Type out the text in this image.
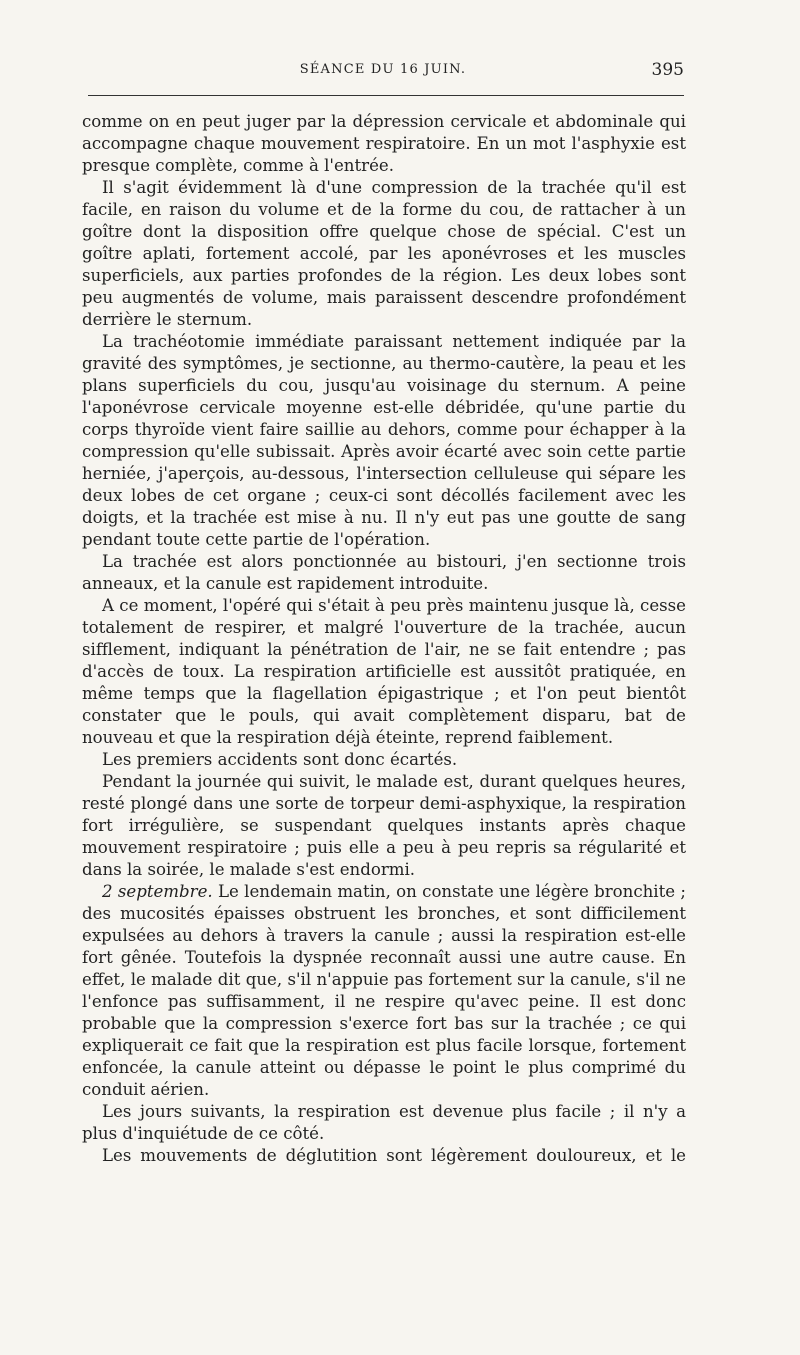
SÉANCE DU 16 JUIN.	395

comme on en peut juger par la dépression cervicale et abdominale qui accompagne chaque mouvement respiratoire. En un mot l'asphyxie est presque complète, comme à l'entrée.

Il s'agit évidemment là d'une compression de la trachée qu'il est facile, en raison du volume et de la forme du cou, de rattacher à un goître dont la disposition offre quelque chose de spécial. C'est un goître aplati, fortement accolé, par les aponévroses et les muscles superficiels, aux parties profondes de la région. Les deux lobes sont peu augmentés de volume, mais paraissent descendre profondément derrière le sternum.

La trachéotomie immédiate paraissant nettement indiquée par la gravité des symptômes, je sectionne, au thermo-cautère, la peau et les plans superficiels du cou, jusqu'au voisinage du sternum. A peine l'aponévrose cervicale moyenne est-elle débridée, qu'une partie du corps thyroïde vient faire saillie au dehors, comme pour échapper à la compression qu'elle subissait. Après avoir écarté avec soin cette partie herniée, j'aperçois, au-dessous, l'intersection celluleuse qui sépare les deux lobes de cet organe ; ceux-ci sont décollés facilement avec les doigts, et la trachée est mise à nu. Il n'y eut pas une goutte de sang pendant toute cette partie de l'opération.

La trachée est alors ponctionnée au bistouri, j'en sectionne trois anneaux, et la canule est rapidement introduite.

A ce moment, l'opéré qui s'était à peu près maintenu jusque là, cesse totalement de respirer, et malgré l'ouverture de la trachée, aucun sifflement, indiquant la pénétration de l'air, ne se fait entendre ; pas d'accès de toux. La respiration artificielle est aussitôt pratiquée, en même temps que la flagellation épigastrique ; et l'on peut bientôt constater que le pouls, qui avait complètement disparu, bat de nouveau et que la respiration déjà éteinte, reprend faiblement.

Les premiers accidents sont donc écartés.

Pendant la journée qui suivit, le malade est, durant quelques heures, resté plongé dans une sorte de torpeur demi-asphyxique, la respiration fort irrégulière, se suspendant quelques instants après chaque mouvement respiratoire ; puis elle a peu à peu repris sa régularité et dans la soirée, le malade s'est endormi.

2 septembre. Le lendemain matin, on constate une légère bronchite ; des mucosités épaisses obstruent les bronches, et sont difficilement expulsées au dehors à travers la canule ; aussi la respiration est-elle fort gênée. Toutefois la dyspnée reconnaît aussi une autre cause. En effet, le malade dit que, s'il n'appuie pas fortement sur la canule, s'il ne l'enfonce pas suffisamment, il ne respire qu'avec peine. Il est donc probable que la compression s'exerce fort bas sur la trachée ; ce qui expliquerait ce fait que la respiration est plus facile lorsque, fortement enfoncée, la canule atteint ou dépasse le point le plus comprimé du conduit aérien.

Les jours suivants, la respiration est devenue plus facile ; il n'y a plus d'inquiétude de ce côté.

Les mouvements de déglutition sont légèrement douloureux, et le
